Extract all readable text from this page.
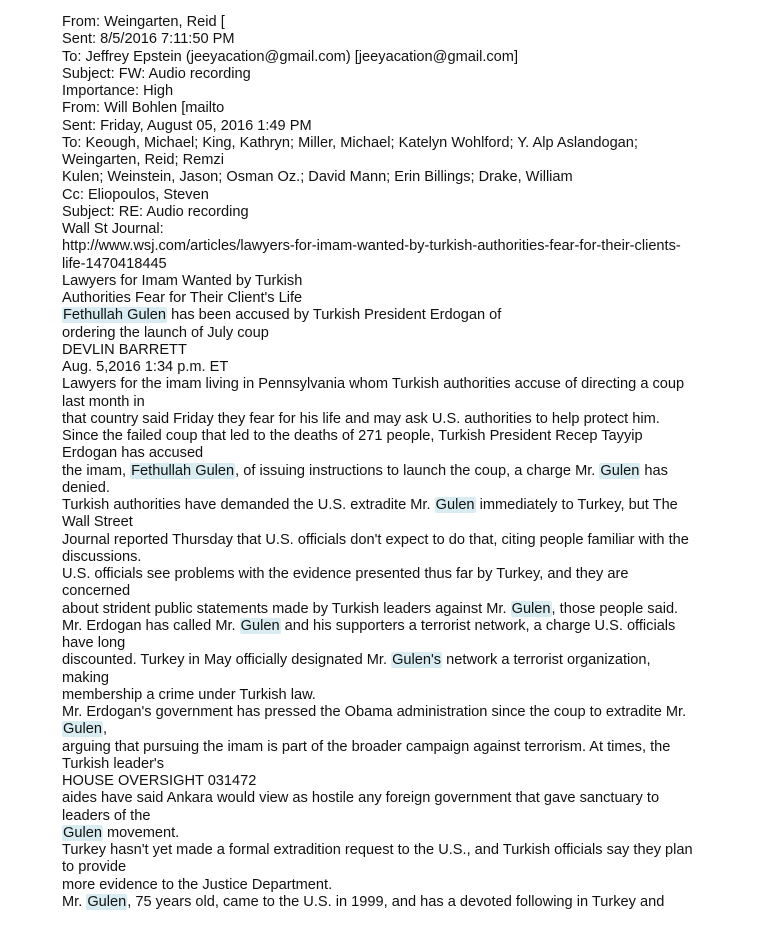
From: Weingarten, Reid [
Sent: 8/5/2016 7:11:50 PM
To: Jeffrey Epstein (jeeyacation@gmail.com) [jeeyacation@gmail.com]
Subject: FW: Audio recording
Importance: High
From: Will Bohlen [mailto
Sent: Friday, August 05, 2016 1:49 PM
To: Keough, Michael; King, Kathryn; Miller, Michael; Katelyn Wohlford; Y. Alp Aslandogan;
Weingarten, Reid; Remzi
Kulen; Weinstein, Jason; Osman Oz.; David Mann; Erin Billings; Drake, William
Cc: Eliopoulos, Steven
Subject: RE: Audio recording
Wall St Journal:
http://www.wsj.com/articles/lawyers-for-imam-wanted-by-turkish-authorities-fear-for-their-clients-
life-1470418445
Lawyers for Imam Wanted by Turkish
Authorities Fear for Their Client's Life
Fethullah Gulen has been accused by Turkish President Erdogan of
ordering the launch of July coup
DEVLIN BARRETT
Aug. 5,2016 1:34 p.m. ET
Lawyers for the imam living in Pennsylvania whom Turkish authorities accuse of directing a coup
last month in
that country said Friday they fear for his life and may ask U.S. authorities to help protect him.
Since the failed coup that led to the deaths of 271 people, Turkish President Recep Tayyip
Erdogan has accused
the imam, Fethullah Gulen, of issuing instructions to launch the coup, a charge Mr. Gulen has
denied.
Turkish authorities have demanded the U.S. extradite Mr. Gulen immediately to Turkey, but The
Wall Street
Journal reported Thursday that U.S. officials don't expect to do that, citing people familiar with the
discussions.
U.S. officials see problems with the evidence presented thus far by Turkey, and they are
concerned
about strident public statements made by Turkish leaders against Mr. Gulen, those people said.
Mr. Erdogan has called Mr. Gulen and his supporters a terrorist network, a charge U.S. officials
have long
discounted. Turkey in May officially designated Mr. Gulen's network a terrorist organization,
making
membership a crime under Turkish law.
Mr. Erdogan's government has pressed the Obama administration since the coup to extradite Mr.
Gulen,
arguing that pursuing the imam is part of the broader campaign against terrorism. At times, the
Turkish leader's
HOUSE OVERSIGHT 031472
aides have said Ankara would view as hostile any foreign government that gave sanctuary to
leaders of the
Gulen movement.
Turkey hasn't yet made a formal extradition request to the U.S., and Turkish officials say they plan
to provide
more evidence to the Justice Department.
Mr. Gulen, 75 years old, came to the U.S. in 1999, and has a devoted following in Turkey and
